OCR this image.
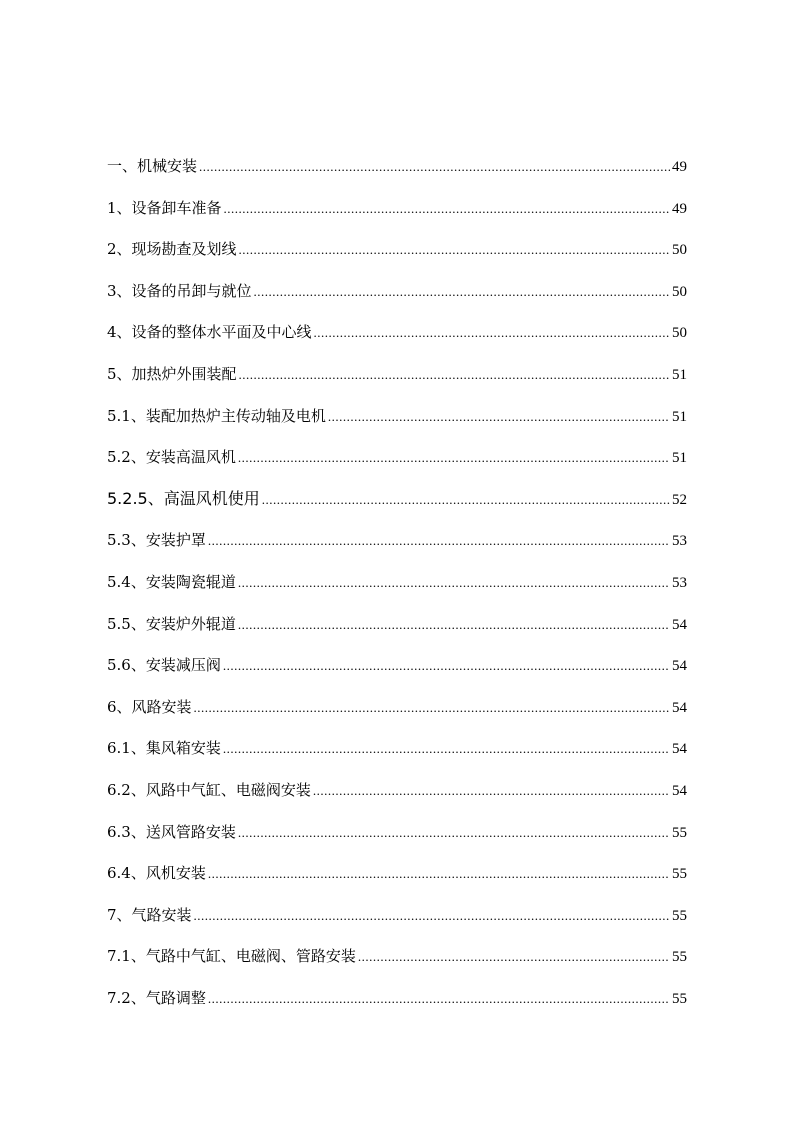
一、机械安装 .....	49
1、设备卸车准备 .....	49
2、现场勘查及划线 .....	50
3、设备的吊卸与就位 .....	50
4、设备的整体水平面及中心线 .....	50
5、加热炉外围装配 .....	51
5.1、装配加热炉主传动轴及电机 .....	51
5.2、安装高温风机 .....	51
5.2.5、高温风机使用 .....	52
5.3、安装护罩 .....	53
5.4、安装陶瓷辊道 .....	53
5.5、安装炉外辊道 .....	54
5.6、安装减压阀 .....	54
6、风路安装 .....	54
6.1、集风箱安装 .....	54
6.2、风路中气缸、电磁阀安装 .....	54
6.3、送风管路安装 .....	55
6.4、风机安装 .....	55
7、气路安装 .....	55
7.1、气路中气缸、电磁阀、管路安装 .....	55
7.2、气路调整 .....	55
